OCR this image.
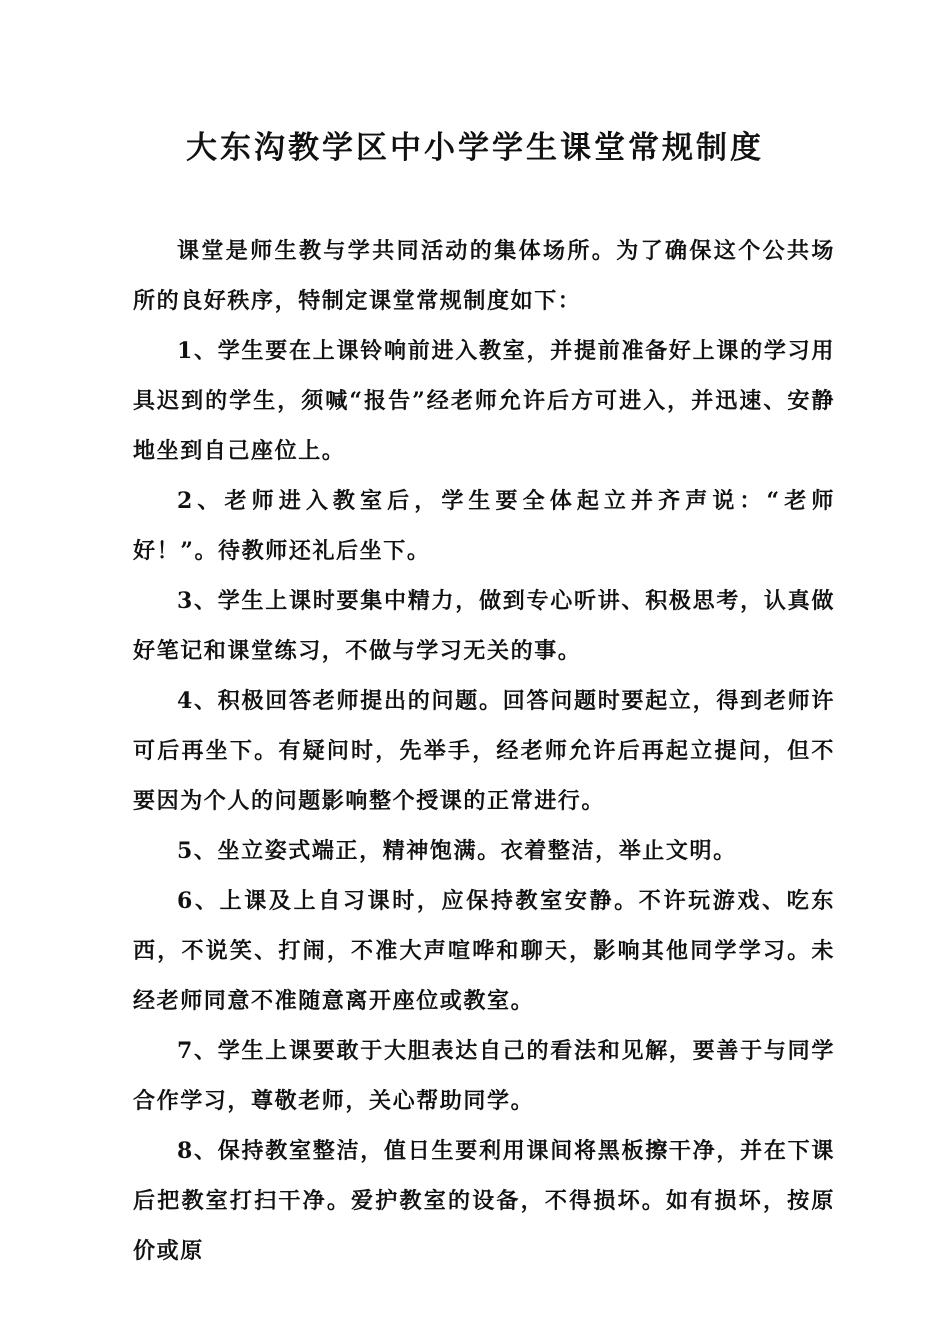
大东沟教学区中小学学生课堂常规制度

课堂是师生教与学共同活动的集体场所。为了确保这个公共场所的良好秩序，特制定课堂常规制度如下：

1、学生要在上课铃响前进入教室，并提前准备好上课的学习用具迟到的学生，须喊“报告”经老师允许后方可进入，并迅速、安静地坐到自己座位上。

2、老师进入教室后，学生要全体起立并齐声说：“老师好！”。待教师还礼后坐下。

3、学生上课时要集中精力，做到专心听讲、积极思考，认真做好笔记和课堂练习，不做与学习无关的事。

4、积极回答老师提出的问题。回答问题时要起立，得到老师许可后再坐下。有疑问时，先举手，经老师允许后再起立提问，但不要因为个人的问题影响整个授课的正常进行。

5、坐立姿式端正，精神饱满。衣着整洁，举止文明。

6、上课及上自习课时，应保持教室安静。不许玩游戏、吃东西，不说笑、打闹，不准大声喧哗和聊天，影响其他同学学习。未经老师同意不准随意离开座位或教室。

7、学生上课要敢于大胆表达自己的看法和见解，要善于与同学合作学习，尊敬老师，关心帮助同学。

8、保持教室整洁，值日生要利用课间将黑板擦干净，并在下课后把教室打扫干净。爱护教室的设备，不得损坏。如有损坏，按原价或原
